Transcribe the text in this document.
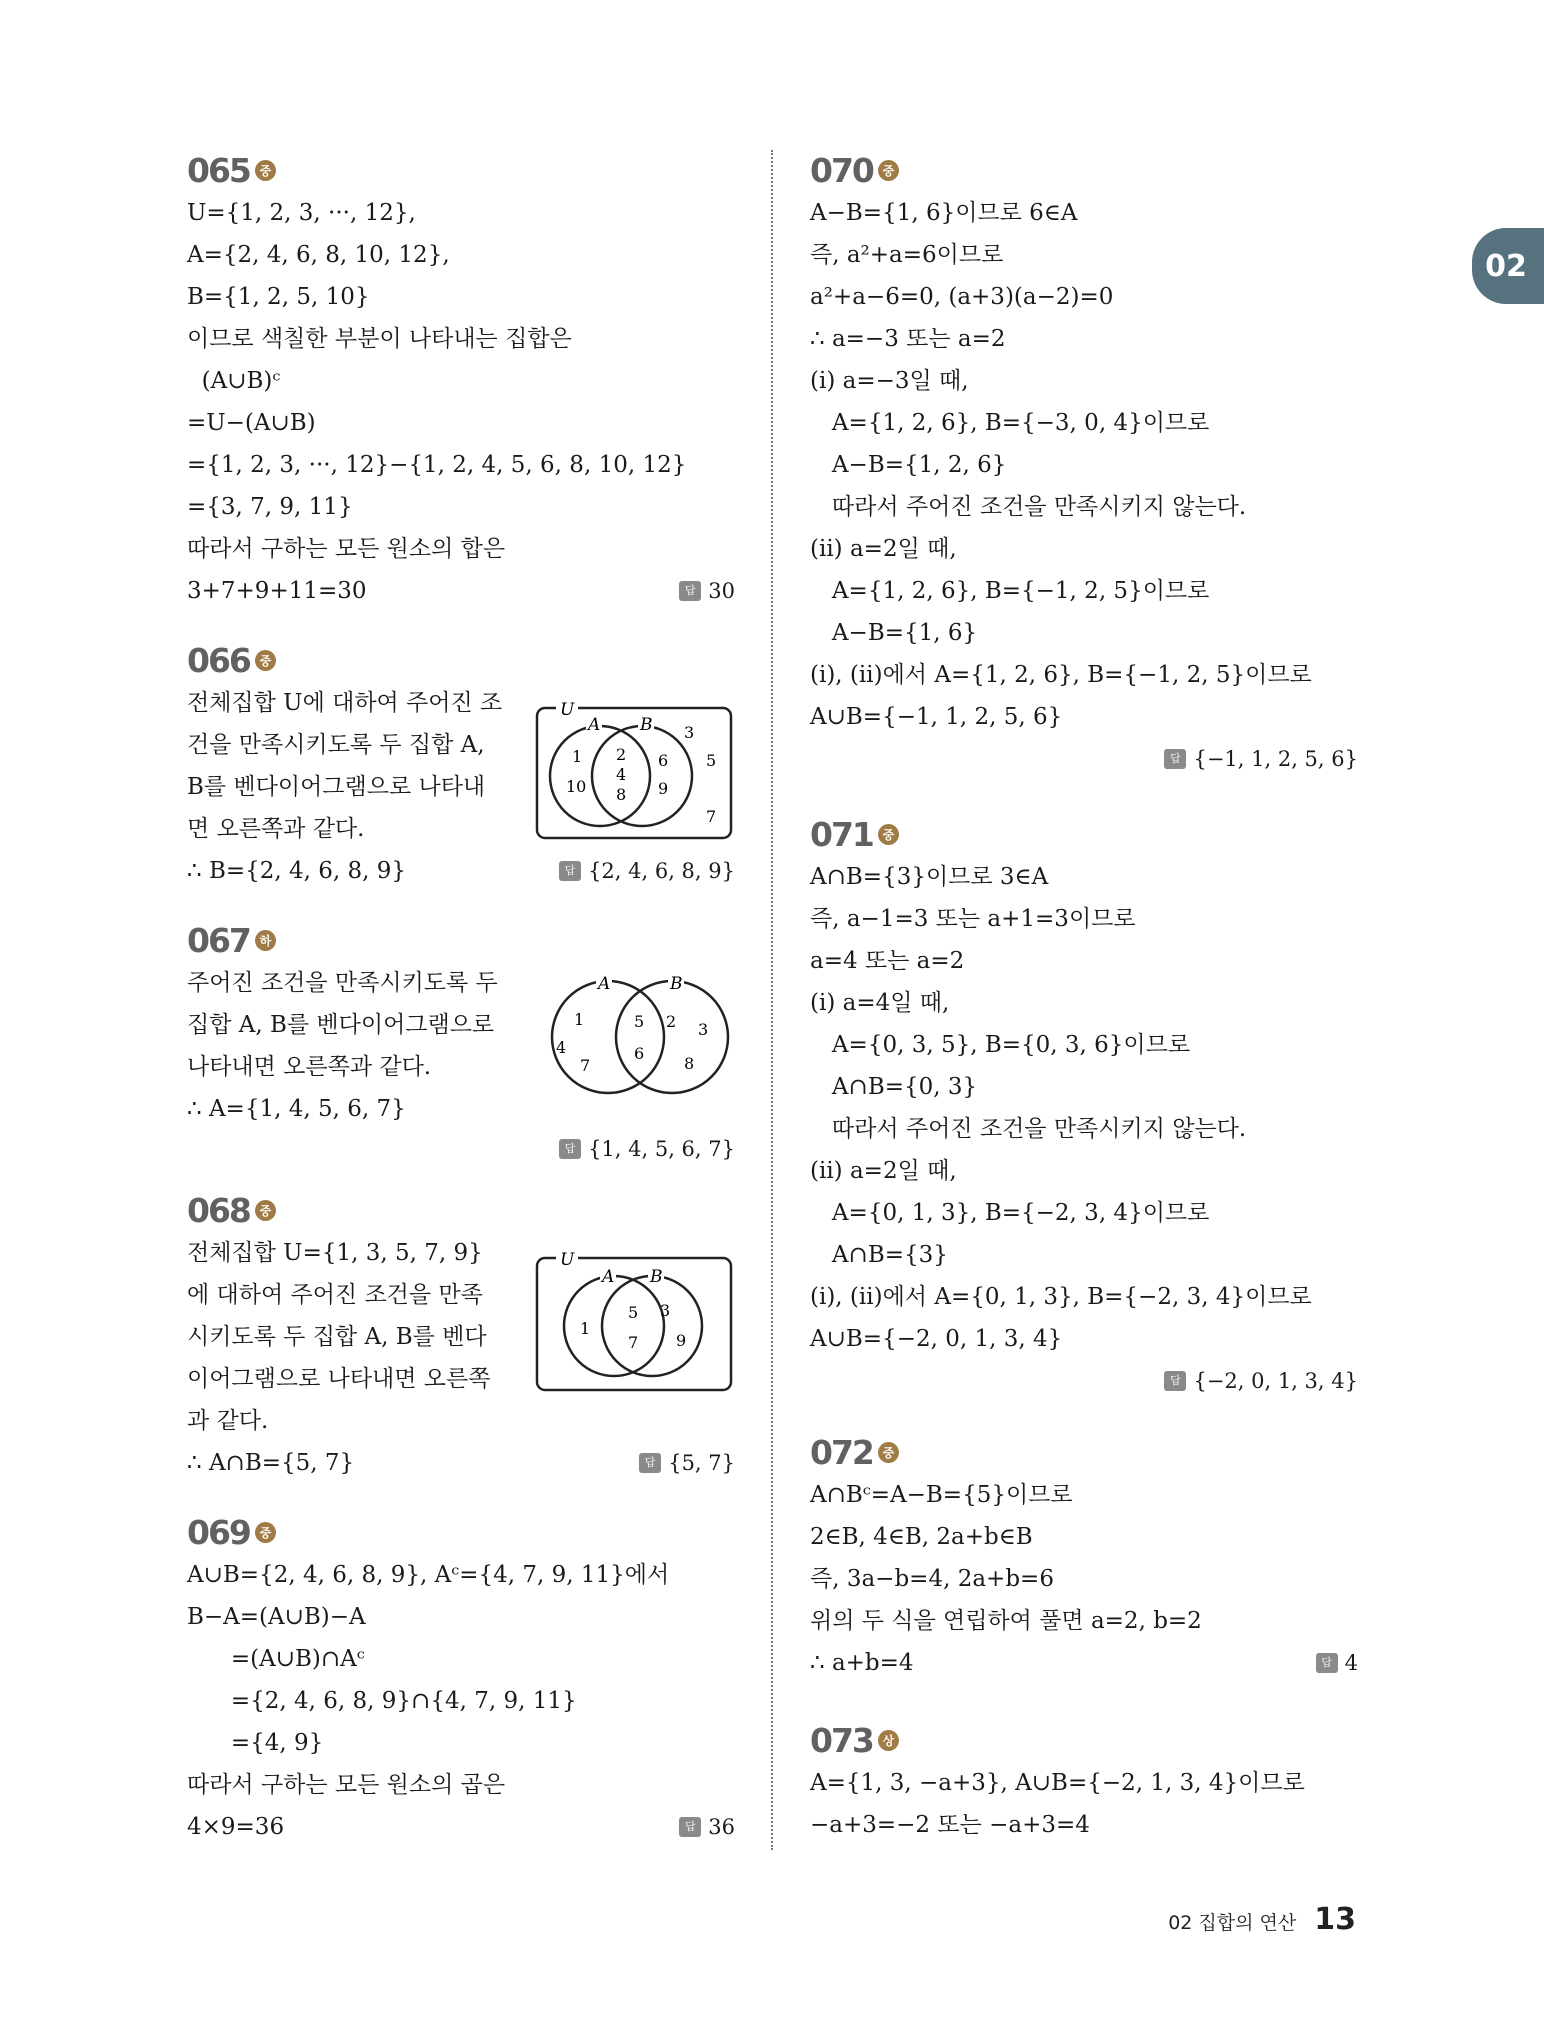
02
065 중
U={1, 2, 3, ···, 12},
A={2, 4, 6, 8, 10, 12},
B={1, 2, 5, 10}
이므로 색칠한 부분이 나타내는 집합은
(A∪B)ᶜ
=U−(A∪B)
={1, 2, 3, ···, 12}−{1, 2, 4, 5, 6, 8, 10, 12}
={3, 7, 9, 11}
따라서 구하는 모든 원소의 합은
3+7+9+11=30	답 30
066 중
전체집합 U에 대하여 주어진 조
건을 만족시키도록 두 집합 A,
B를 벤다이어그램으로 나타내
면 오른쪽과 같다.
∴ B={2, 4, 6, 8, 9}	답 {2, 4, 6, 8, 9}
U
A B
1
10
2
4
8
6
9
3
5
7
067 하
주어진 조건을 만족시키도록 두
집합 A, B를 벤다이어그램으로
나타내면 오른쪽과 같다.
∴ A={1, 4, 5, 6, 7}
답 {1, 4, 5, 6, 7}
A	B
1
4
7
5
6
2 3
8
068 중
전체집합 U={1, 3, 5, 7, 9}
에 대하여 주어진 조건을 만족
시키도록 두 집합 A, B를 벤다
이어그램으로 나타내면 오른쪽
과 같다.
∴ A∩B={5, 7}	답 {5, 7}
U
A B
1
5
7
3
9
069 중
A∪B={2, 4, 6, 8, 9}, Aᶜ={4, 7, 9, 11}에서
B−A=(A∪B)−A
=(A∪B)∩Aᶜ
={2, 4, 6, 8, 9}∩{4, 7, 9, 11}
={4, 9}
따라서 구하는 모든 원소의 곱은
4×9=36	답 36
070 중
A−B={1, 6}이므로 6∈A
즉, a²+a=6이므로
a²+a−6=0, (a+3)(a−2)=0
∴ a=−3 또는 a=2
(ⅰ) a=−3일 때,
A={1, 2, 6}, B={−3, 0, 4}이므로
A−B={1, 2, 6}
따라서 주어진 조건을 만족시키지 않는다.
(ⅱ) a=2일 때,
A={1, 2, 6}, B={−1, 2, 5}이므로
A−B={1, 6}
(ⅰ), (ⅱ)에서 A={1, 2, 6}, B={−1, 2, 5}이므로
A∪B={−1, 1, 2, 5, 6}
답 {−1, 1, 2, 5, 6}
071 중
A∩B={3}이므로 3∈A
즉, a−1=3 또는 a+1=3이므로
a=4 또는 a=2
(ⅰ) a=4일 때,
A={0, 3, 5}, B={0, 3, 6}이므로
A∩B={0, 3}
따라서 주어진 조건을 만족시키지 않는다.
(ⅱ) a=2일 때,
A={0, 1, 3}, B={−2, 3, 4}이므로
A∩B={3}
(ⅰ), (ⅱ)에서 A={0, 1, 3}, B={−2, 3, 4}이므로
A∪B={−2, 0, 1, 3, 4}
답 {−2, 0, 1, 3, 4}
072 중
A∩Bᶜ=A−B={5}이므로
2∈B, 4∈B, 2a+b∈B
즉, 3a−b=4, 2a+b=6
위의 두 식을 연립하여 풀면 a=2, b=2
∴ a+b=4	답 4
073 상
A={1, 3, −a+3}, A∪B={−2, 1, 3, 4}이므로
−a+3=−2 또는 −a+3=4
02 집합의 연산 13
